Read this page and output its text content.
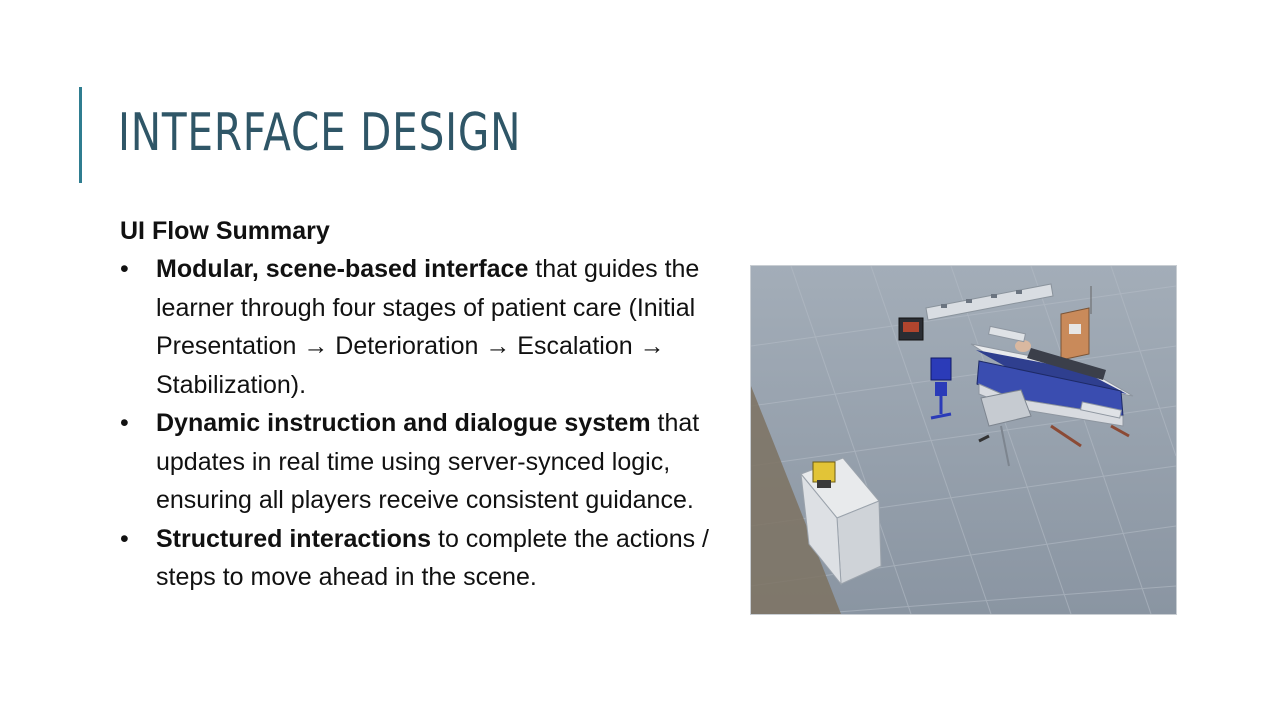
INTERFACE DESIGN

UI Flow Summary

• Modular, scene-based interface that guides the learner through four stages of patient care (Initial Presentation → Deterioration → Escalation → Stabilization).
• Dynamic instruction and dialogue system that updates in real time using server-synced logic, ensuring all players receive consistent guidance.
• Structured interactions to complete the actions / steps to move ahead in the scene.
